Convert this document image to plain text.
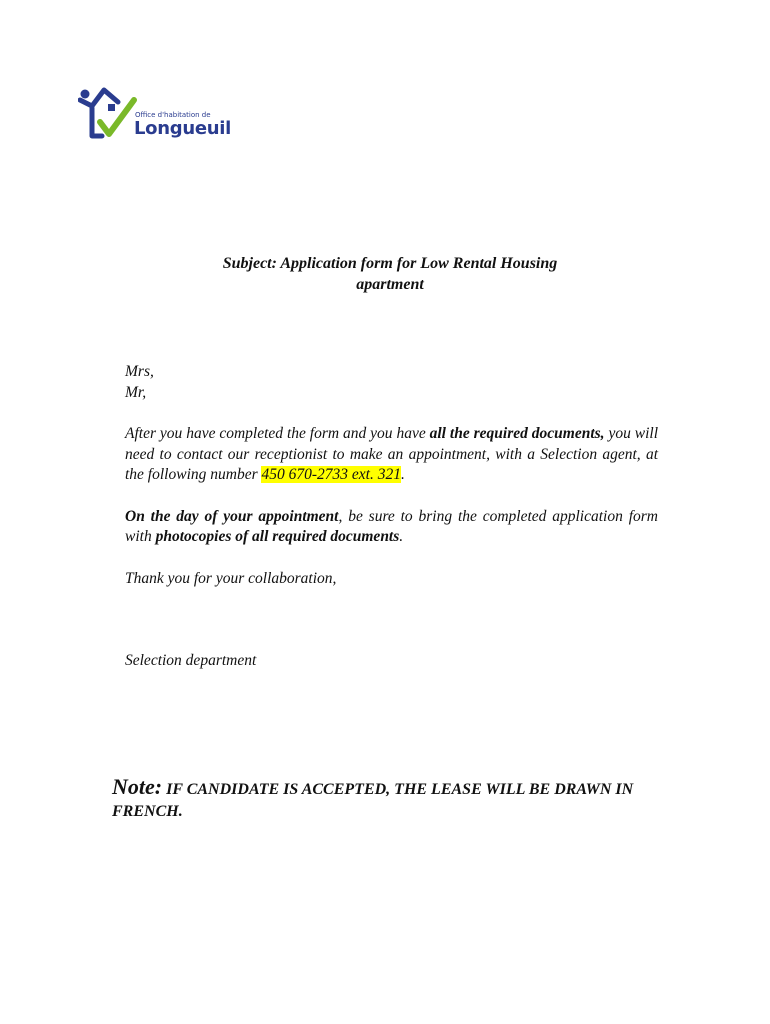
Office d'habitation de
Longueuil
Subject: Application form for Low Rental Housing
apartment

Mrs,

Mr,

After you have completed the form and you have all the required documents, you will need to contact our receptionist to make an appointment, with a Selection agent, at the following number 450 670-2733 ext. 321.

On the day of your appointment, be sure to bring the completed application form with photocopies of all required documents.

Thank you for your collaboration,

Selection department

Note: IF CANDIDATE IS ACCEPTED, THE LEASE WILL BE DRAWN IN FRENCH.
